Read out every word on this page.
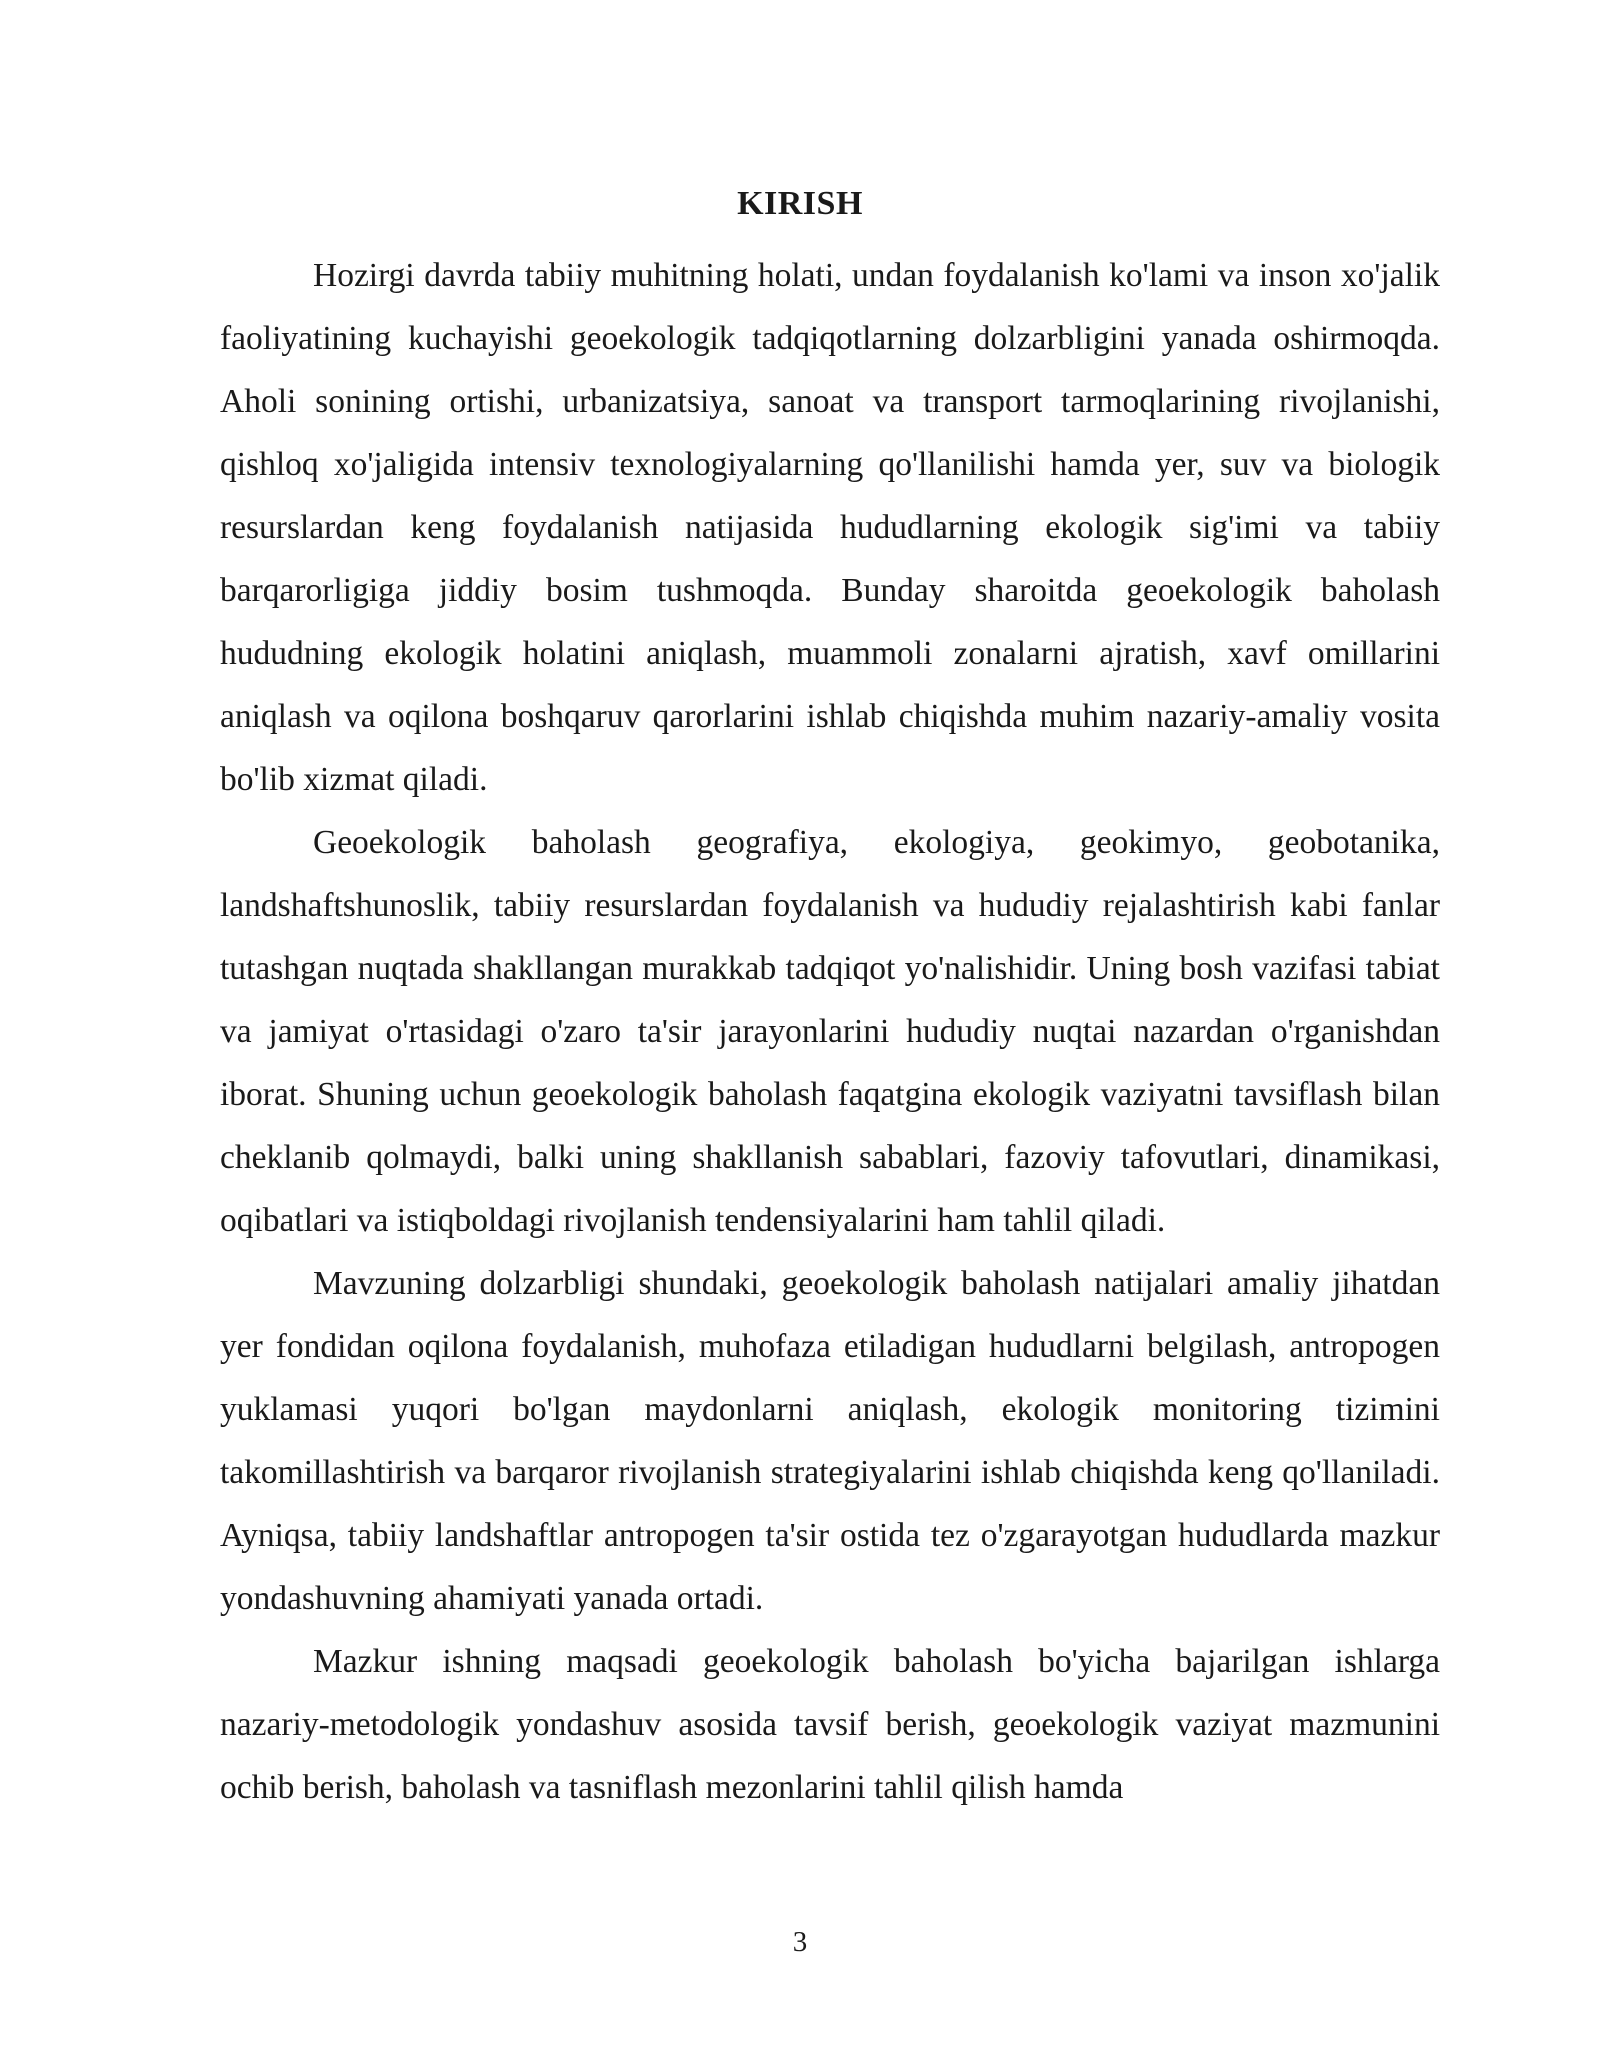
KIRISH

Hozirgi davrda tabiiy muhitning holati, undan foydalanish ko'lami va inson xo'jalik faoliyatining kuchayishi geoekologik tadqiqotlarning dolzarbligini yanada oshirmoqda. Aholi sonining ortishi, urbanizatsiya, sanoat va transport tarmoqlarining rivojlanishi, qishloq xo'jaligida intensiv texnologiyalarning qo'llanilishi hamda yer, suv va biologik resurslardan keng foydalanish natijasida hududlarning ekologik sig'imi va tabiiy barqarorligiga jiddiy bosim tushmoqda. Bunday sharoitda geoekologik baholash hududning ekologik holatini aniqlash, muammoli zonalarni ajratish, xavf omillarini aniqlash va oqilona boshqaruv qarorlarini ishlab chiqishda muhim nazariy-amaliy vosita bo'lib xizmat qiladi.

Geoekologik baholash geografiya, ekologiya, geokimyo, geobotanika, landshaftshunoslik, tabiiy resurslardan foydalanish va hududiy rejalashtirish kabi fanlar tutashgan nuqtada shakllangan murakkab tadqiqot yo'nalishidir. Uning bosh vazifasi tabiat va jamiyat o'rtasidagi o'zaro ta'sir jarayonlarini hududiy nuqtai nazardan o'rganishdan iborat. Shuning uchun geoekologik baholash faqatgina ekologik vaziyatni tavsiflash bilan cheklanib qolmaydi, balki uning shakllanish sabablari, fazoviy tafovutlari, dinamikasi, oqibatlari va istiqboldagi rivojlanish tendensiyalarini ham tahlil qiladi.

Mavzuning dolzarbligi shundaki, geoekologik baholash natijalari amaliy jihatdan yer fondidan oqilona foydalanish, muhofaza etiladigan hududlarni belgilash, antropogen yuklamasi yuqori bo'lgan maydonlarni aniqlash, ekologik monitoring tizimini takomillashtirish va barqaror rivojlanish strategiyalarini ishlab chiqishda keng qo'llaniladi. Ayniqsa, tabiiy landshaftlar antropogen ta'sir ostida tez o'zgarayotgan hududlarda mazkur yondashuvning ahamiyati yanada ortadi.

Mazkur ishning maqsadi geoekologik baholash bo'yicha bajarilgan ishlarga nazariy-metodologik yondashuv asosida tavsif berish, geoekologik vaziyat mazmunini ochib berish, baholash va tasniflash mezonlarini tahlil qilish hamda

3
